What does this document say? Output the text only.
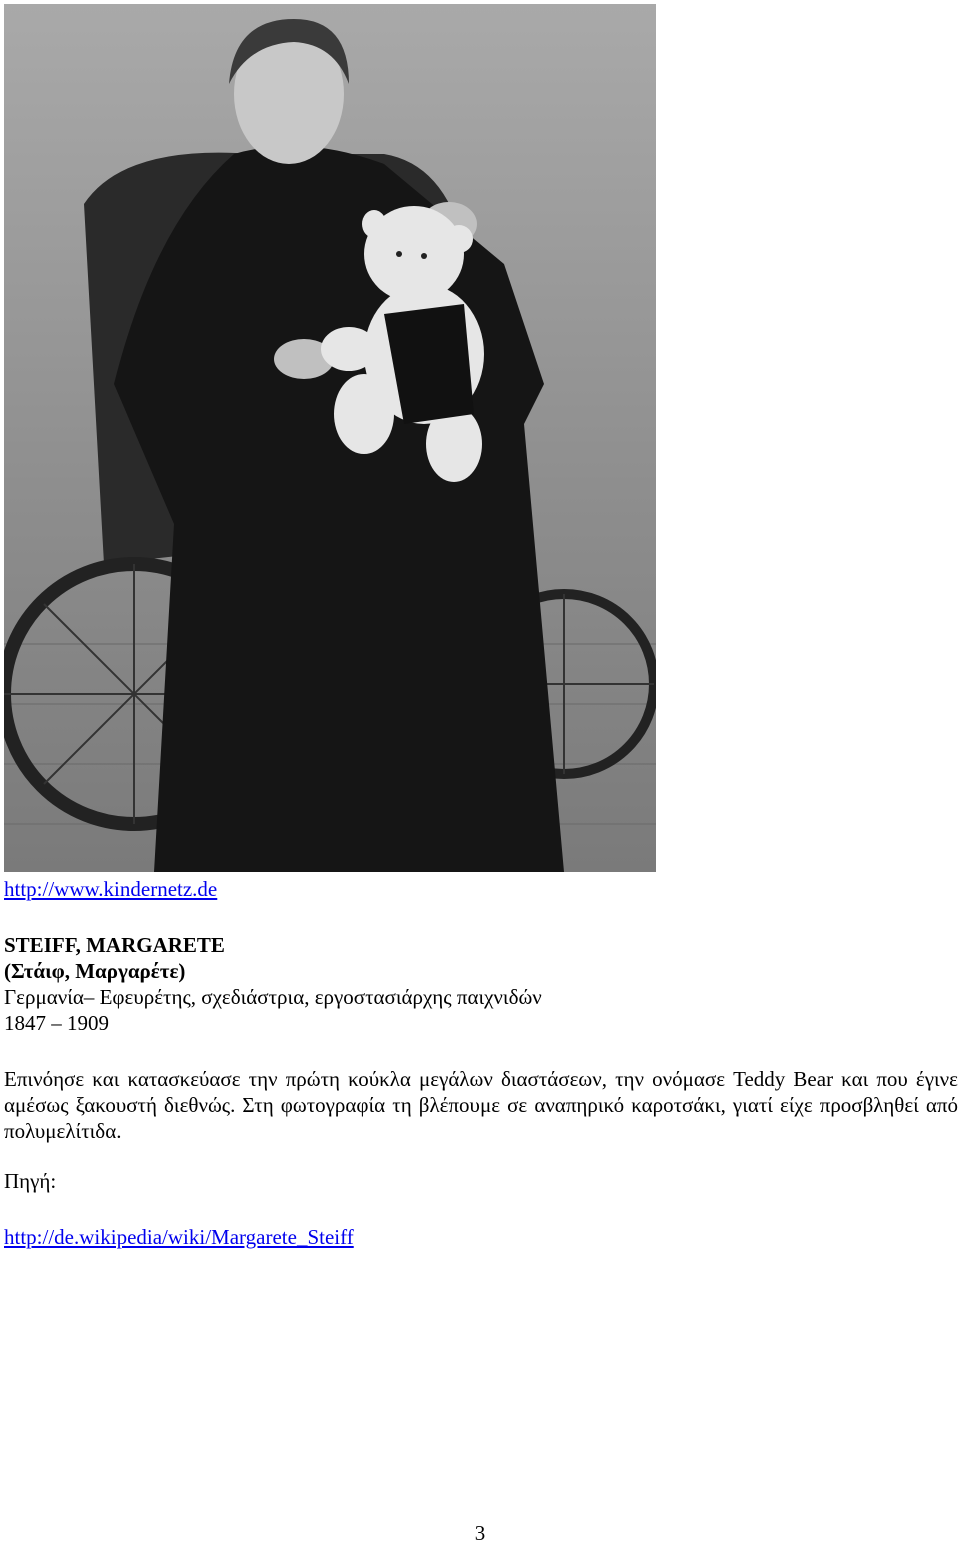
http://www.kindernetz.de
STEIFF, MARGARETE
(Στάιφ, Μαργαρέτε)
Γερμανία– Εφευρέτης, σχεδιάστρια, εργοστασιάρχης παιχνιδών
1847 – 1909
Επινόησε και κατασκεύασε την πρώτη κούκλα μεγάλων διαστάσεων, την ονόμασε Teddy Bear και που έγινε αμέσως ξακουστή διεθνώς. Στη φωτογραφία τη βλέπουμε σε αναπηρικό καροτσάκι, γιατί είχε προσβληθεί από πολυμελίτιδα.
Πηγή:
http://de.wikipedia/wiki/Margarete_Steiff
3
